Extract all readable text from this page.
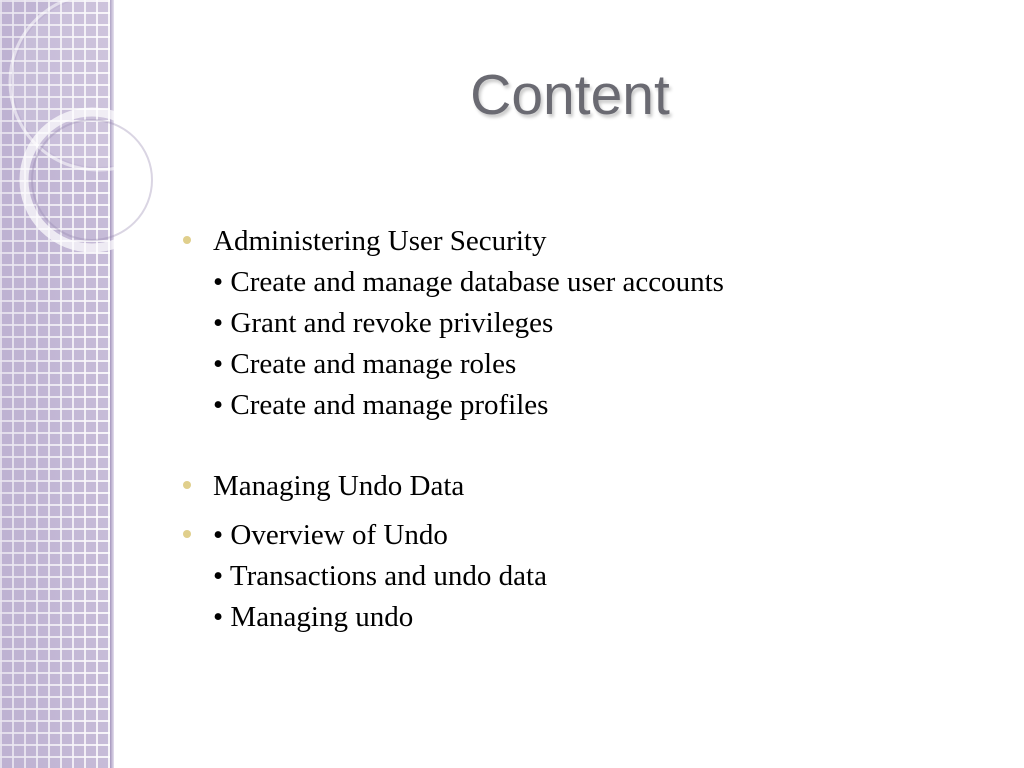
Content
Administering User Security
• Create and manage database user accounts
• Grant and revoke privileges
• Create and manage roles
• Create and manage profiles
Managing Undo Data
• Overview of Undo
• Transactions and undo data
• Managing undo
